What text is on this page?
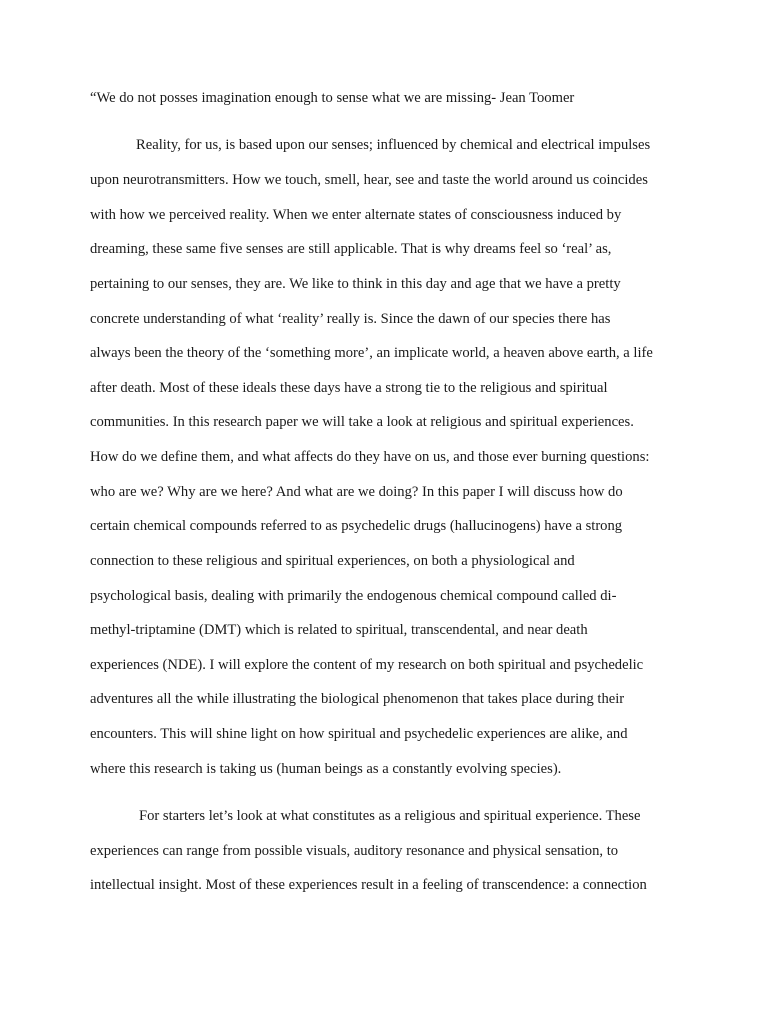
“We do not posses imagination enough to sense what we are missing- Jean Toomer
Reality, for us, is based upon our senses; influenced by chemical and electrical impulses
upon neurotransmitters. How we touch, smell, hear, see and taste the world around us coincides
with how we perceived reality. When we enter alternate states of consciousness induced by
dreaming, these same five senses are still applicable. That is why dreams feel so ‘real’ as,
pertaining to our senses, they are. We like to think in this day and age that we have a pretty
concrete understanding of what ‘reality’ really is. Since the dawn of our species there has
always been the theory of the ‘something more’, an implicate world, a heaven above earth, a life
after death. Most of these ideals these days have a strong tie to the religious and spiritual
communities. In this research paper we will take a look at religious and spiritual experiences.
How do we define them, and what affects do they have on us, and those ever burning questions:
who are we? Why are we here? And what are we doing? In this paper I will discuss how do
certain chemical compounds referred to as psychedelic drugs (hallucinogens) have a strong
connection to these religious and spiritual experiences, on both a physiological and
psychological basis, dealing with primarily the endogenous chemical compound called di-
methyl-triptamine (DMT) which is related to spiritual, transcendental, and near death
experiences (NDE). I will explore the content of my research on both spiritual and psychedelic
adventures all the while illustrating the biological phenomenon that takes place during their
encounters. This will shine light on how spiritual and psychedelic experiences are alike, and
where this research is taking us (human beings as a constantly evolving species).
For starters let’s look at what constitutes as a religious and spiritual experience. These
experiences can range from possible visuals, auditory resonance and physical sensation, to
intellectual insight. Most of these experiences result in a feeling of transcendence: a connection
